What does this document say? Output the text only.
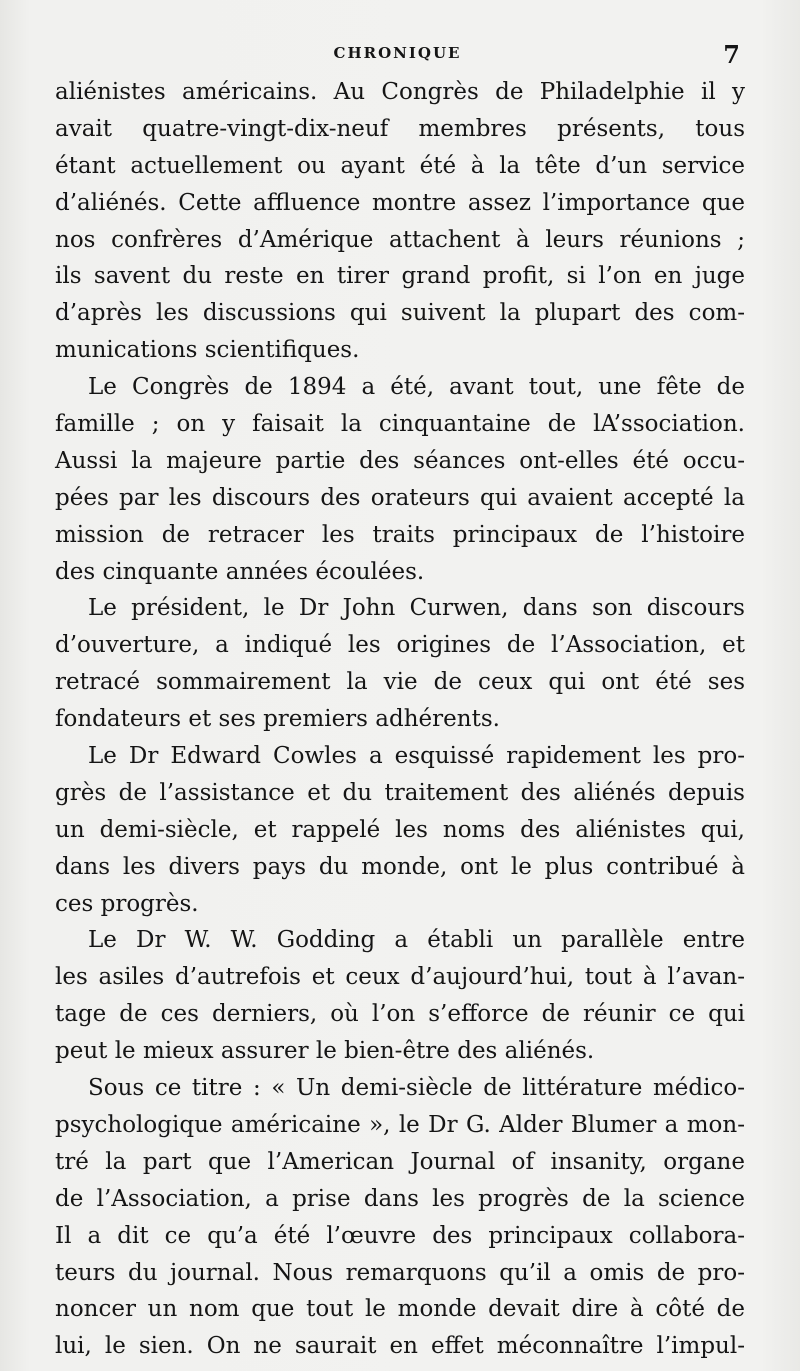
CHRONIQUE	7
aliénistes américains. Au Congrès de Philadelphie il y
avait quatre-vingt-dix-neuf membres présents, tous
étant actuellement ou ayant été à la tête d’un service
d’aliénés. Cette affluence montre assez l’importance que
nos confrères d’Amérique attachent à leurs réunions ;
ils savent du reste en tirer grand profit, si l’on en juge
d’après les discussions qui suivent la plupart des com-
munications scientifiques.
Le Congrès de 1894 a été, avant tout, une fête de
famille ; on y faisait la cinquantaine de lA’ssociation.
Aussi la majeure partie des séances ont-elles été occu-
pées par les discours des orateurs qui avaient accepté la
mission de retracer les traits principaux de l’histoire
des cinquante années écoulées.
Le président, le Dr John Curwen, dans son discours
d’ouverture, a indiqué les origines de l’Association, et
retracé sommairement la vie de ceux qui ont été ses
fondateurs et ses premiers adhérents.
Le Dr Edward Cowles a esquissé rapidement les pro-
grès de l’assistance et du traitement des aliénés depuis
un demi-siècle, et rappelé les noms des aliénistes qui,
dans les divers pays du monde, ont le plus contribué à
ces progrès.
Le Dr W. W. Godding a établi un parallèle entre
les asiles d’autrefois et ceux d’aujourd’hui, tout à l’avan-
tage de ces derniers, où l’on s’efforce de réunir ce qui
peut le mieux assurer le bien-être des aliénés.
Sous ce titre : « Un demi-siècle de littérature médico-
psychologique américaine », le Dr G. Alder Blumer a mon-
tré la part que l’American Journal of insanity, organe
de l’Association, a prise dans les progrès de la science
Il a dit ce qu’a été l’œuvre des principaux collabora-
teurs du journal. Nous remarquons qu’il a omis de pro-
noncer un nom que tout le monde devait dire à côté de
lui, le sien. On ne saurait en effet méconnaître l’impul-
